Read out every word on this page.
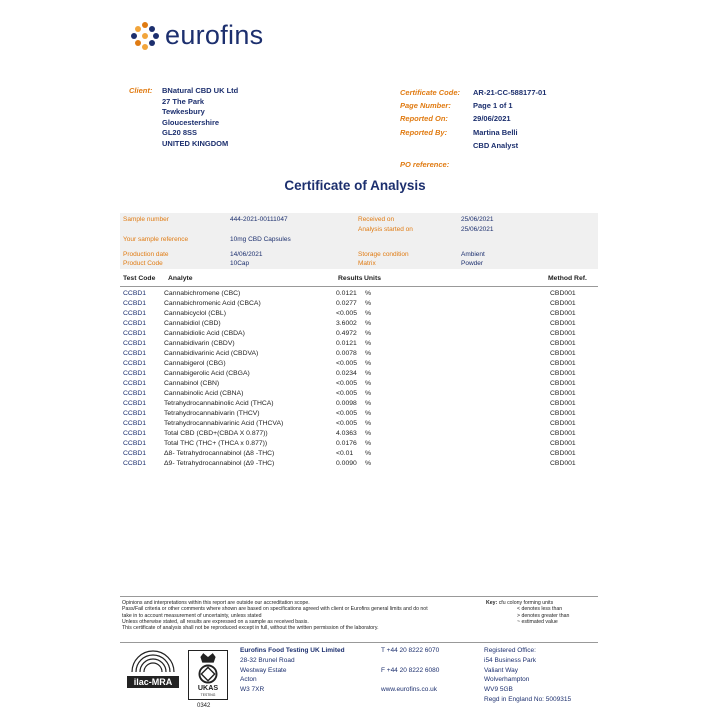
eurofins
Client: BNatural CBD UK Ltd
27 The Park
Tewkesbury
Gloucestershire
GL20 8SS
UNITED KINGDOM
Certificate Code:	AR-21-CC-588177-01
Page Number:	Page 1 of 1
Reported On:	29/06/2021
Reported By:	Martina Belli
CBD Analyst
PO reference:
Certificate of Analysis
Sample number	444-2021-00111047	Received on	25/06/2021
Analysis started on	25/06/2021
Your sample reference	10mg CBD Capsules
Production date	14/06/2021	Storage condition	Ambient
Product Code	10Cap	Matrix	Powder
Test Code Analyte	Results Units	Method Ref.
CCBD1	Cannabichromene (CBC)	0.0121 %	CBD001
CCBD1	Cannabichromenic Acid (CBCA)	0.0277 %	CBD001
CCBD1	Cannabicyclol (CBL)	<0.005 %	CBD001
CCBD1	Cannabidiol (CBD)	3.6002 %	CBD001
CCBD1	Cannabidiolic Acid (CBDA)	0.4972 %	CBD001
CCBD1	Cannabidivarin (CBDV)	0.0121 %	CBD001
CCBD1	Cannabidivarinic Acid (CBDVA)	0.0078 %	CBD001
CCBD1	Cannabigerol (CBG)	<0.005 %	CBD001
CCBD1	Cannabigerolic Acid (CBGA)	0.0234 %	CBD001
CCBD1	Cannabinol (CBN)	<0.005 %	CBD001
CCBD1	Cannabinolic Acid (CBNA)	<0.005 %	CBD001
CCBD1	Tetrahydrocannabinolic Acid (THCA)	0.0098 %	CBD001
CCBD1	Tetrahydrocannabivarin (THCV)	<0.005 %	CBD001
CCBD1	Tetrahydrocannabivarinic Acid (THCVA)	<0.005 %	CBD001
CCBD1	Total CBD (CBD+(CBDA X 0.877))	4.0363 %	CBD001
CCBD1	Total THC (THC+ (THCA x 0.877))	0.0176 %	CBD001
CCBD1	Δ8- Tetrahydrocannabinol (Δ8 -THC)	<0.01 %	CBD001
CCBD1	Δ9- Tetrahydrocannabinol (Δ9 -THC)	0.0090 %	CBD001
Opinions and interpretations within this report are outside our accreditation scope.
Pass/Fail criteria or other comments where shown are based on specifications agreed with client or Eurofins general limits and do not
take in to account measurement of uncertainty, unless stated
Unless otherwise stated, all results are expressed on a sample as received basis.
This certificate of analysis shall not be reproduced except in full, without the written permission of the laboratory.
Key: cfu colony forming units
< denotes less than
> denotes greater than
~ estimated value
ilac-MRA
UKAS
TESTING
0342
Eurofins Food Testing UK Limited
28-32 Brunel Road
Westway Estate
Acton
W3 7XR
T +44 20 8222 6070

F +44 20 8222 6080

www.eurofins.co.uk
Registered Office:
i54 Business Park
Valiant Way
Wolverhampton
WV9 5GB
Regd in England No: 5009315
